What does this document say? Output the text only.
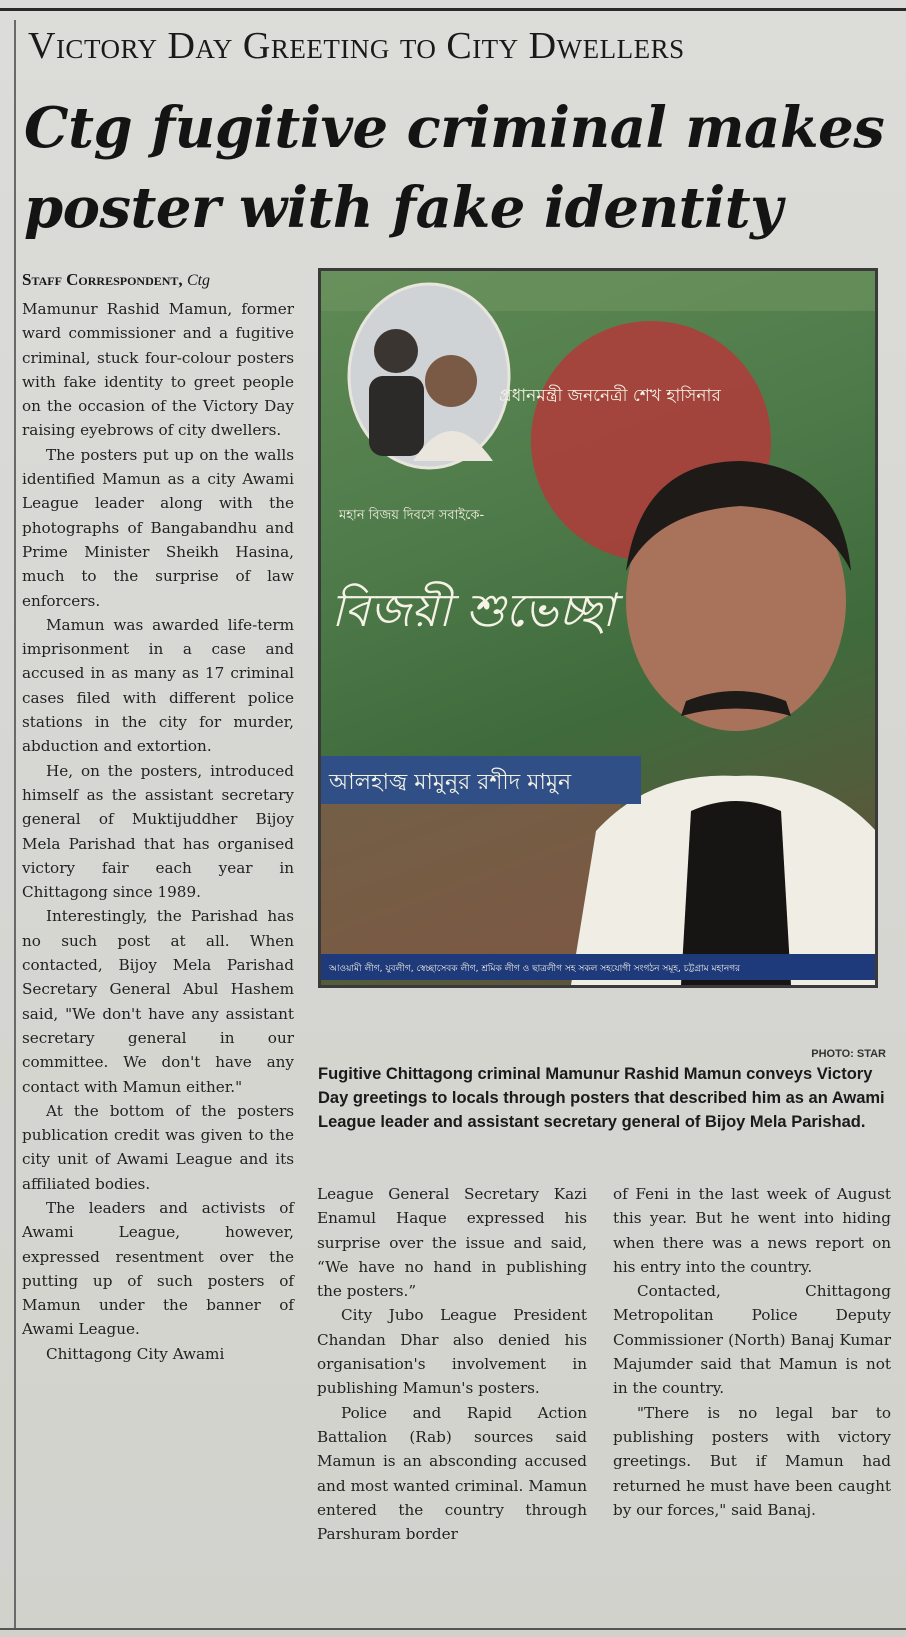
Victory Day Greeting to City Dwellers
Ctg fugitive criminal makes poster with fake identity
Staff Correspondent, Ctg

Mamunur Rashid Mamun, former ward commissioner and a fugitive criminal, stuck four-colour posters with fake identity to greet people on the occasion of the Victory Day raising eyebrows of city dwellers.

The posters put up on the walls identified Mamun as a city Awami League leader along with the photographs of Bangabandhu and Prime Minister Sheikh Hasina, much to the surprise of law enforcers.

Mamun was awarded life-term imprisonment in a case and accused in as many as 17 criminal cases filed with different police stations in the city for murder, abduction and extortion.

He, on the posters, introduced himself as the assistant secretary general of Muktijuddher Bijoy Mela Parishad that has organised victory fair each year in Chittagong since 1989.

Interestingly, the Parishad has no such post at all. When contacted, Bijoy Mela Parishad Secretary General Abul Hashem said, "We don't have any assistant secretary general in our committee. We don't have any contact with Mamun either."

At the bottom of the posters publication credit was given to the city unit of Awami League and its affiliated bodies.

The leaders and activists of Awami League, however, expressed resentment over the putting up of such posters of Mamun under the banner of Awami League.

Chittagong City Awami

প্রধানমন্ত্রী জননেত্রী শেখ হাসিনার
মহান বিজয় দিবসে সবাইকে-
বিজয়ী শুভেচ্ছা
আলহাজ্ব মামুনুর রশীদ মামুন
আওয়ামী লীগ, যুবলীগ, স্বেচ্ছাসেবক লীগ, শ্রমিক লীগ ও ছাত্রলীগ সহ সকল সহযোগী সংগঠন সমূহ, চট্টগ্রাম মহানগর
PHOTO: STAR
Fugitive Chittagong criminal Mamunur Rashid Mamun conveys Victory Day greetings to locals through posters that described him as an Awami League leader and assistant secretary general of Bijoy Mela Parishad.

League General Secretary Kazi Enamul Haque expressed his surprise over the issue and said, “We have no hand in publishing the posters.”

City Jubo League President Chandan Dhar also denied his organisation's involvement in publishing Mamun's posters.

Police and Rapid Action Battalion (Rab) sources said Mamun is an absconding accused and most wanted criminal. Mamun entered the country through Parshuram border

of Feni in the last week of August this year. But he went into hiding when there was a news report on his entry into the country.

Contacted, Chittagong Metropolitan Police Deputy Commissioner (North) Banaj Kumar Majumder said that Mamun is not in the country.

"There is no legal bar to publishing posters with victory greetings. But if Mamun had returned he must have been caught by our forces," said Banaj.
